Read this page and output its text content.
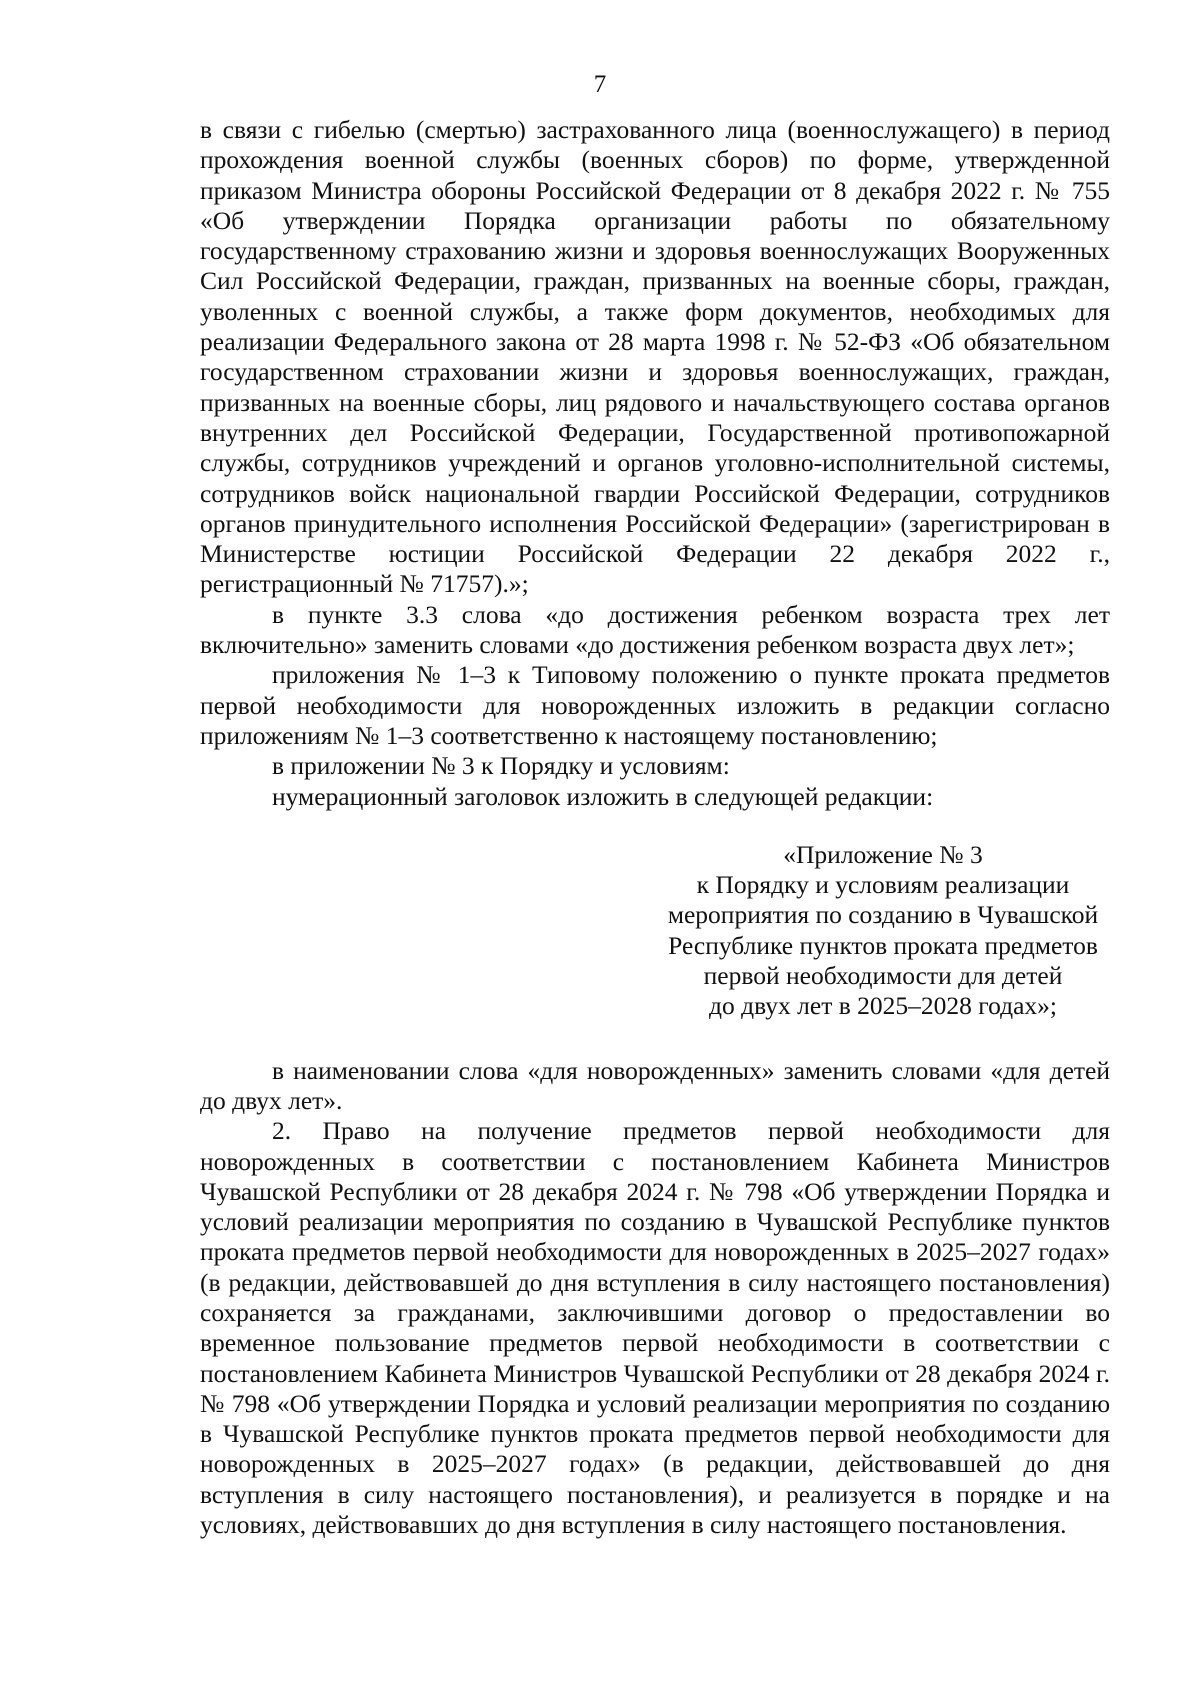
7

в связи с гибелью (смертью) застрахованного лица (военнослужащего) в период прохождения военной службы (военных сборов) по форме, утвержденной приказом Министра обороны Российской Федерации от 8 декабря 2022 г. № 755 «Об утверждении Порядка организации работы по обязательному государственному страхованию жизни и здоровья военнослужащих Вооруженных Сил Российской Федерации, граждан, призванных на военные сборы, граждан, уволенных с военной службы, а также форм документов, необходимых для реализации Федерального закона от 28 марта 1998 г. № 52-ФЗ «Об обязательном государственном страховании жизни и здоровья военнослужащих, граждан, призванных на военные сборы, лиц рядового и начальствующего состава органов внутренних дел Российской Федерации, Государственной противопожарной службы, сотрудников учреждений и органов уголовно-исполнительной системы, сотрудников войск национальной гвардии Российской Федерации, сотрудников органов принудительного исполнения Российской Федерации» (зарегистрирован в Министерстве юстиции Российской Федерации 22 декабря 2022 г., регистрационный № 71757).»;

в пункте 3.3 слова «до достижения ребенком возраста трех лет включительно» заменить словами «до достижения ребенком возраста двух лет»;

приложения № 1–3 к Типовому положению о пункте проката предметов первой необходимости для новорожденных изложить в редакции согласно приложениям № 1–3 соответственно к настоящему постановлению;

в приложении № 3 к Порядку и условиям:

нумерационный заголовок изложить в следующей редакции:

«Приложение № 3
к Порядку и условиям реализации
мероприятия по созданию в Чувашской
Республике пунктов проката предметов
первой необходимости для детей
до двух лет в 2025–2028 годах»;

в наименовании слова «для новорожденных» заменить словами «для детей до двух лет».

2. Право на получение предметов первой необходимости для новорожденных в соответствии с постановлением Кабинета Министров Чувашской Республики от 28 декабря 2024 г. № 798 «Об утверждении Порядка и условий реализации мероприятия по созданию в Чувашской Республике пунктов проката предметов первой необходимости для новорожденных в 2025–2027 годах» (в редакции, действовавшей до дня вступления в силу настоящего постановления) сохраняется за гражданами, заключившими договор о предоставлении во временное пользование предметов первой необходимости в соответствии с постановлением Кабинета Министров Чувашской Республики от 28 декабря 2024 г. № 798 «Об утверждении Порядка и условий реализации мероприятия по созданию в Чувашской Республике пунктов проката предметов первой необходимости для новорожденных в 2025–2027 годах» (в редакции, действовавшей до дня вступления в силу настоящего постановления), и реализуется в порядке и на условиях, действовавших до дня вступления в силу настоящего постановления.
